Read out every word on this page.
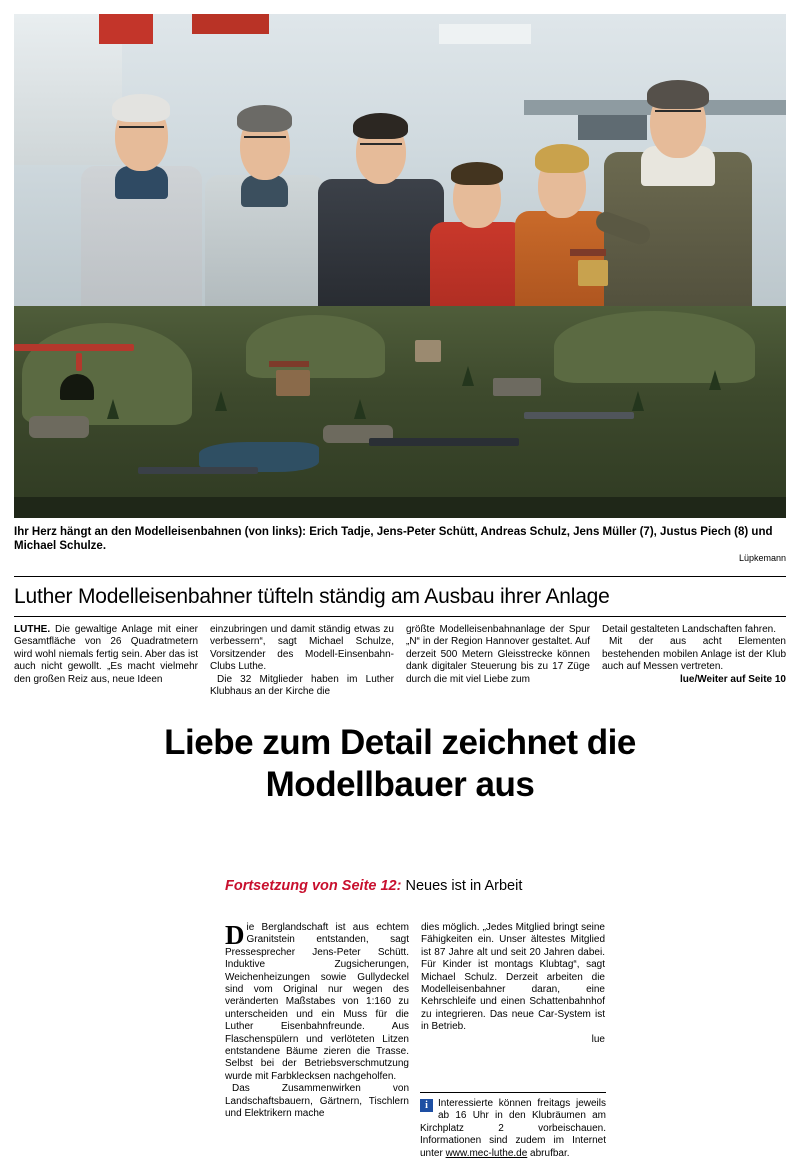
Ihr Herz hängt an den Modelleisenbahnen (von links): Erich Tadje, Jens-Peter Schütt, Andreas Schulz, Jens Müller (7), Justus Piech (8) und Michael Schulze.
Lüpkemann
Luther Modelleisenbahner tüfteln ständig am Ausbau ihrer Anlage

LUTHE. Die gewaltige Anlage mit einer Gesamtfläche von 26 Quadratmetern wird wohl niemals fertig sein. Aber das ist auch nicht gewollt. „Es macht vielmehr den großen Reiz aus, neue Ideen

einzubringen und damit ständig etwas zu verbessern“, sagt Michael Schulze, Vorsitzender des Modell-Einsenbahn-Clubs Luthe.

Die 32 Mitglieder haben im Luther Klubhaus an der Kirche die

größte Modelleisenbahnanlage der Spur „N“ in der Region Hannover gestaltet. Auf derzeit 500 Metern Gleisstrecke können dank digitaler Steuerung bis zu 17 Züge durch die mit viel Liebe zum

Detail gestalteten Landschaften fahren.

Mit der aus acht Elementen bestehenden mobilen Anlage ist der Klub auch auf Messen vertreten.

lue/Weiter auf Seite 10

Liebe zum Detail zeichnet die Modellbauer aus
Fortsetzung von Seite 12: Neues ist in Arbeit

Die Berglandschaft ist aus echtem Granitstein entstanden, sagt Pressesprecher Jens-Peter Schütt. Induktive Zugsicherungen, Weichenheizungen sowie Gullydeckel sind vom Original nur wegen des veränderten Maßstabes von 1:160 zu unterscheiden und ein Muss für die Luther Eisenbahnfreunde. Aus Flaschenspülern und verlöteten Litzen entstandene Bäume zieren die Trasse. Selbst bei der Betriebsverschmutzung wurde mit Farbklecksen nachgeholfen.

Das Zusammenwirken von Landschaftsbauern, Gärtnern, Tischlern und Elektrikern mache

dies möglich. „Jedes Mitglied bringt seine Fähigkeiten ein. Unser ältestes Mitglied ist 87 Jahre alt und seit 20 Jahren dabei. Für Kinder ist montags Klubtag“, sagt Michael Schulz. Derzeit arbeiten die Modelleisenbahner daran, eine Kehrschleife und einen Schattenbahnhof zu integrieren. Das neue Car-System ist in Betrieb.

lue

i	Interessierte können freitags jeweils ab 16 Uhr in den Klubräumen am Kirchplatz 2 vorbeischauen. Informationen sind zudem im Internet unter www.mec-luthe.de abrufbar.
